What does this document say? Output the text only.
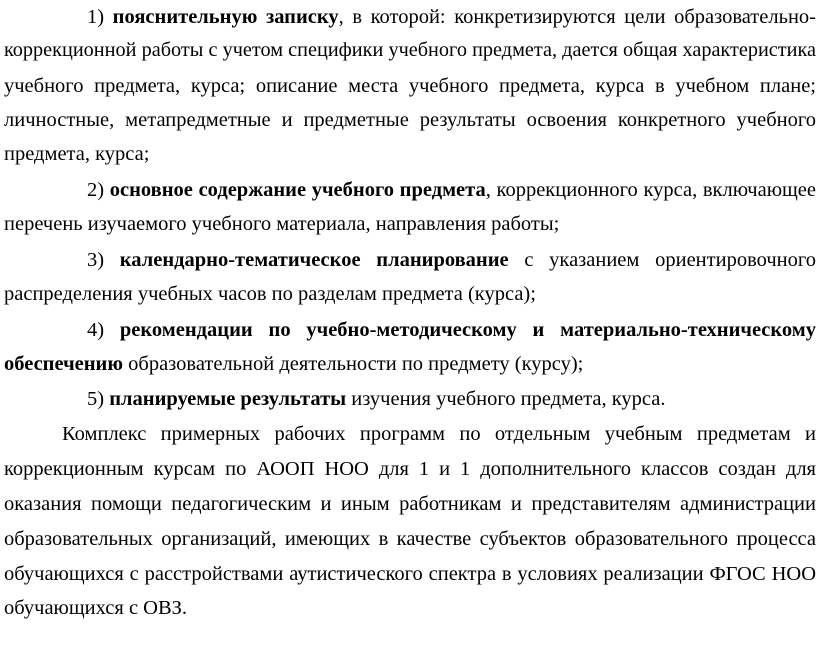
1) пояснительную записку, в которой: конкретизируются цели образовательно-
коррекционной работы с учетом специфики учебного предмета, дается общая характеристика
учебного предмета, курса; описание места учебного предмета, курса в учебном плане;
личностные, метапредметные и предметные результаты освоения конкретного учебного
предмета, курса;
2) основное содержание учебного предмета, коррекционного курса, включающее
перечень изучаемого учебного материала, направления работы;
3) календарно-тематическое планирование с указанием ориентировочного
распределения учебных часов по разделам предмета (курса);
4) рекомендации по учебно-методическому и материально-техническому
обеспечению образовательной деятельности по предмету (курсу);
5) планируемые результаты изучения учебного предмета, курса.
Комплекс примерных рабочих программ по отдельным учебным предметам и
коррекционным курсам по АООП НОО для 1 и 1 дополнительного классов создан для
оказания помощи педагогическим и иным работникам и представителям администрации
образовательных организаций, имеющих в качестве субъектов образовательного процесса
обучающихся с расстройствами аутистического спектра в условиях реализации ФГОС НОО
обучающихся с ОВЗ.
